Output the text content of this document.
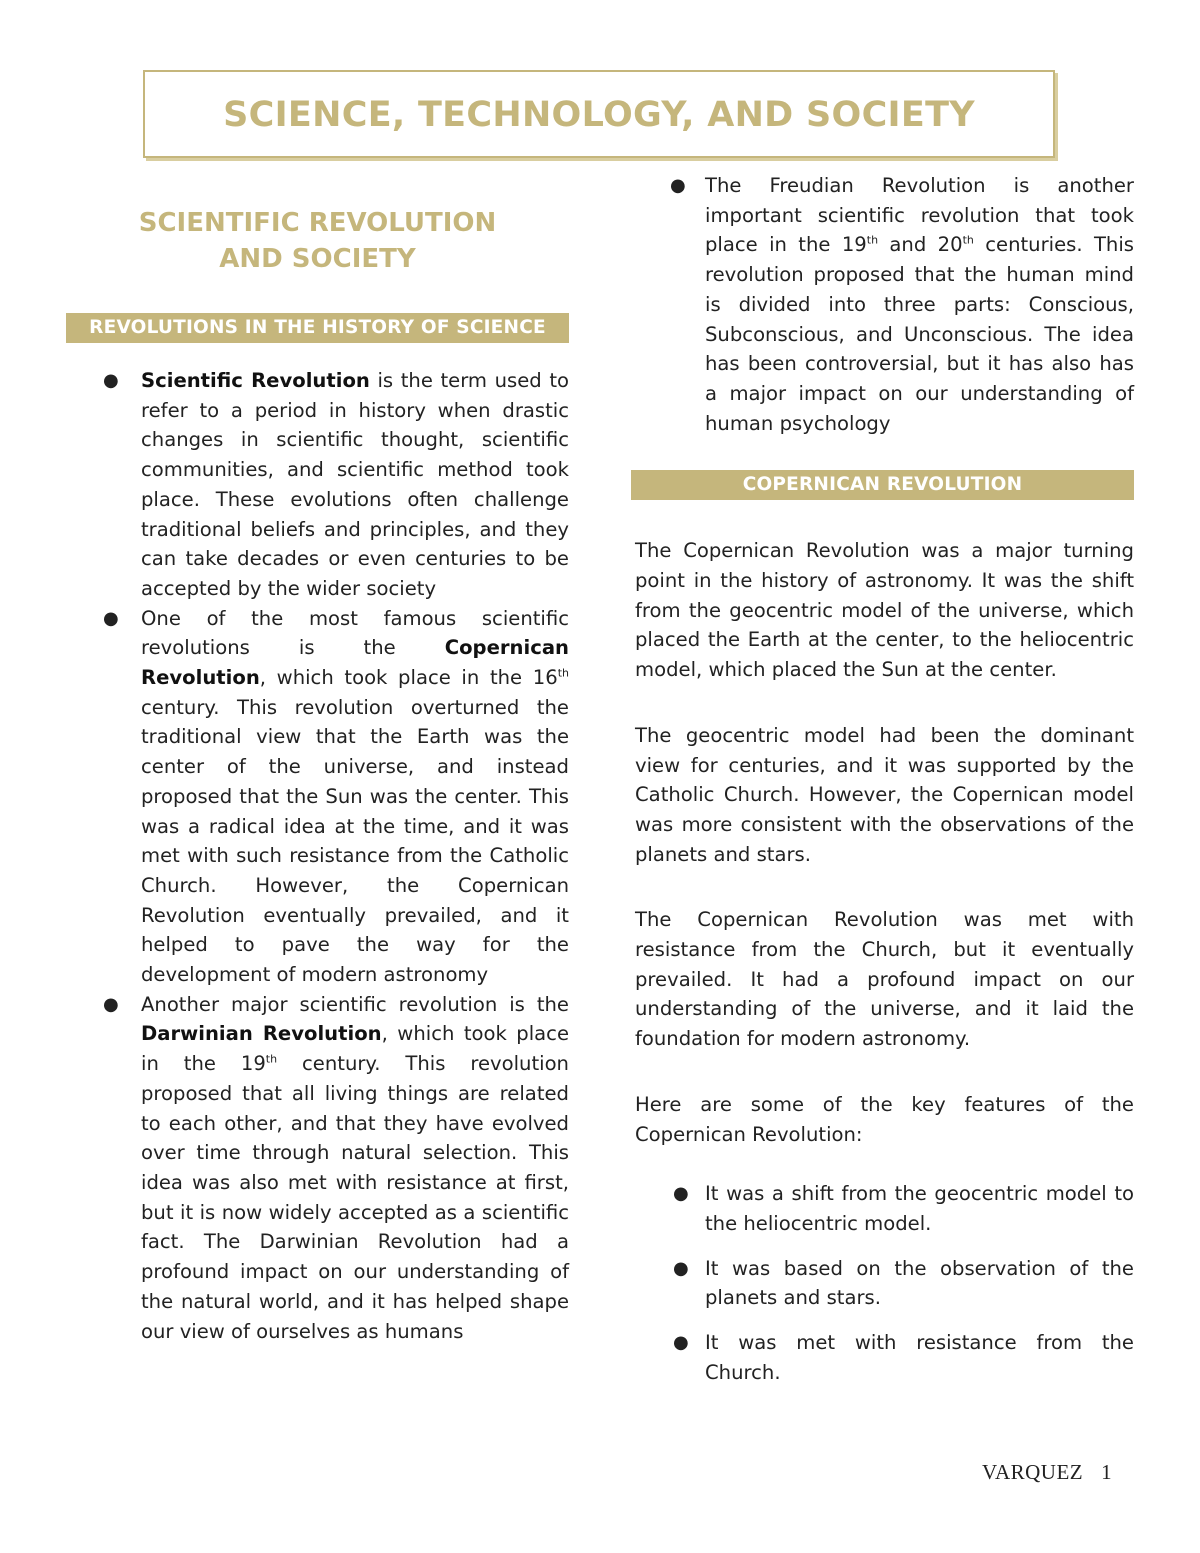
SCIENCE, TECHNOLOGY, AND SOCIETY
SCIENTIFIC REVOLUTION AND SOCIETY
REVOLUTIONS IN THE HISTORY OF SCIENCE
● Scientific Revolution is the term used to refer to a period in history when drastic changes in scientific thought, scientific communities, and scientific method took place. These evolutions often challenge traditional beliefs and principles, and they can take decades or even centuries to be accepted by the wider society
● One of the most famous scientific revolutions is the Copernican Revolution, which took place in the 16th century. This revolution overturned the traditional view that the Earth was the center of the universe, and instead proposed that the Sun was the center. This was a radical idea at the time, and it was met with such resistance from the Catholic Church. However, the Copernican Revolution eventually prevailed, and it helped to pave the way for the development of modern astronomy
● Another major scientific revolution is the Darwinian Revolution, which took place in the 19th century. This revolution proposed that all living things are related to each other, and that they have evolved over time through natural selection. This idea was also met with resistance at first, but it is now widely accepted as a scientific fact. The Darwinian Revolution had a profound impact on our understanding of the natural world, and it has helped shape our view of ourselves as humans
● The Freudian Revolution is another important scientific revolution that took place in the 19th and 20th centuries. This revolution proposed that the human mind is divided into three parts: Conscious, Subconscious, and Unconscious. The idea has been controversial, but it has also has a major impact on our understanding of human psychology
COPERNICAN REVOLUTION

The Copernican Revolution was a major turning point in the history of astronomy. It was the shift from the geocentric model of the universe, which placed the Earth at the center, to the heliocentric model, which placed the Sun at the center.

The geocentric model had been the dominant view for centuries, and it was supported by the Catholic Church. However, the Copernican model was more consistent with the observations of the planets and stars.

The Copernican Revolution was met with resistance from the Church, but it eventually prevailed. It had a profound impact on our understanding of the universe, and it laid the foundation for modern astronomy.

Here are some of the key features of the Copernican Revolution:

● It was a shift from the geocentric model to the heliocentric model.
● It was based on the observation of the planets and stars.
● It was met with resistance from the Church.
VARQUEZ 1
